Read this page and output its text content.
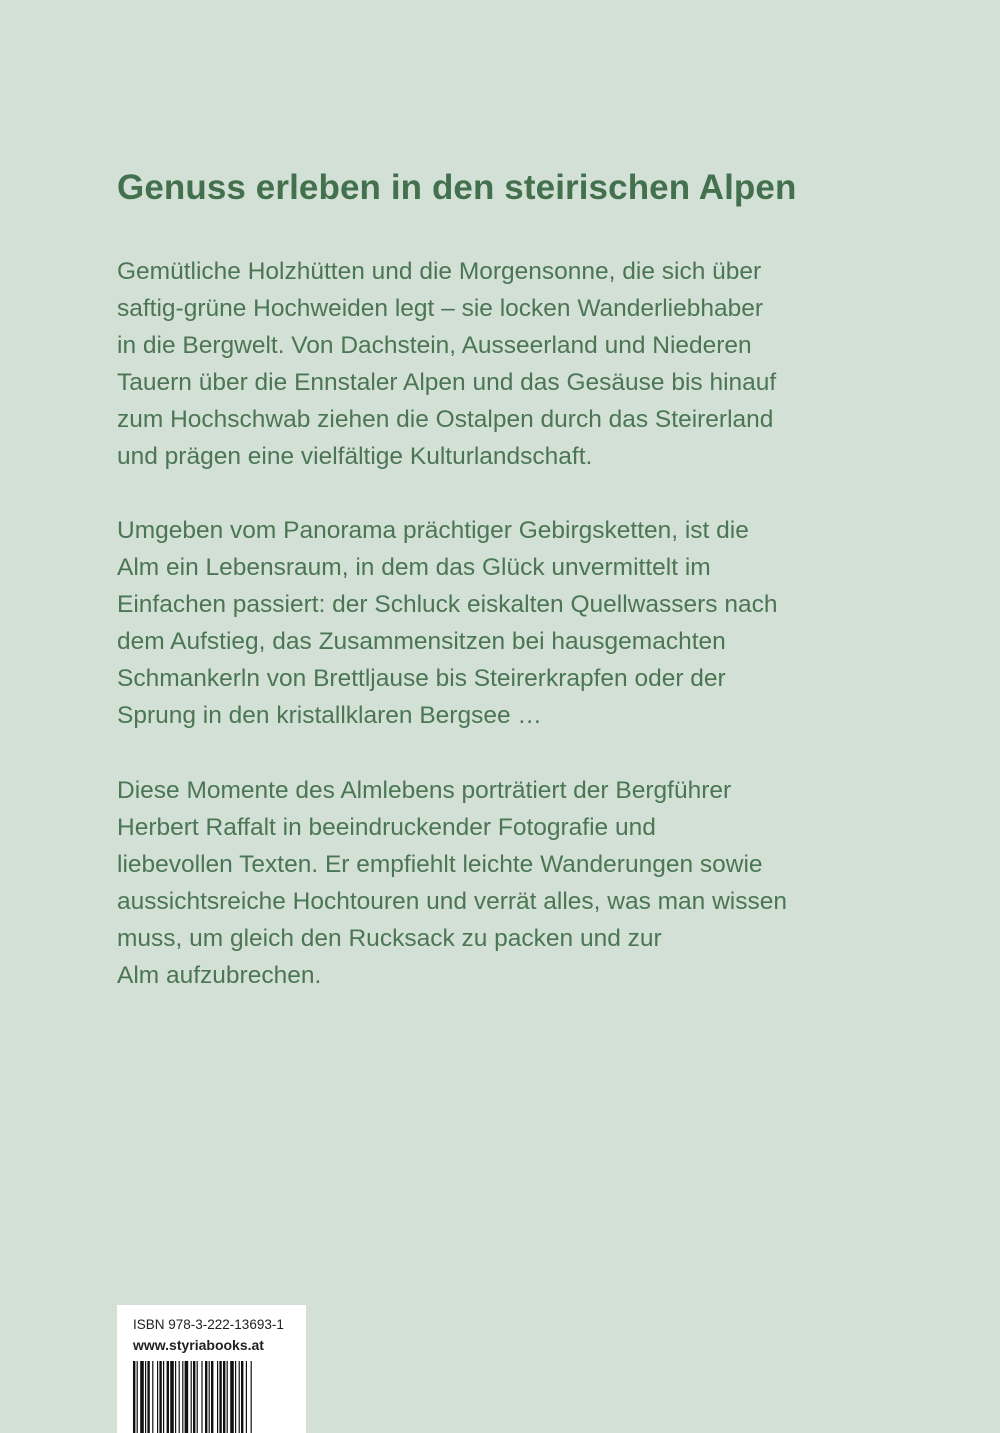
Genuss erleben in den steirischen Alpen

Gemütliche Holzhütten und die Morgensonne, die sich über
saftig-grüne Hochweiden legt – sie locken Wanderliebhaber
in die Bergwelt. Von Dachstein, Ausseerland und Niederen
Tauern über die Ennstaler Alpen und das Gesäuse bis hinauf
zum Hochschwab ziehen die Ostalpen durch das Steirerland
und prägen eine vielfältige Kulturlandschaft.

Umgeben vom Panorama prächtiger Gebirgsketten, ist die
Alm ein Lebensraum, in dem das Glück unvermittelt im
Einfachen passiert: der Schluck eiskalten Quellwassers nach
dem Aufstieg, das Zusammensitzen bei hausgemachten
Schmankerln von Brettljause bis Steirerkrapfen oder der
Sprung in den kristallklaren Bergsee …

Diese Momente des Almlebens porträtiert der Bergführer
Herbert Raffalt in beeindruckender Fotografie und
liebevollen Texten. Er empfiehlt leichte Wanderungen sowie
aussichtsreiche Hochtouren und verrät alles, was man wissen
muss, um gleich den Rucksack zu packen und zur
Alm aufzubrechen.

ISBN 978-3-222-13693-1
www.styriabooks.at
